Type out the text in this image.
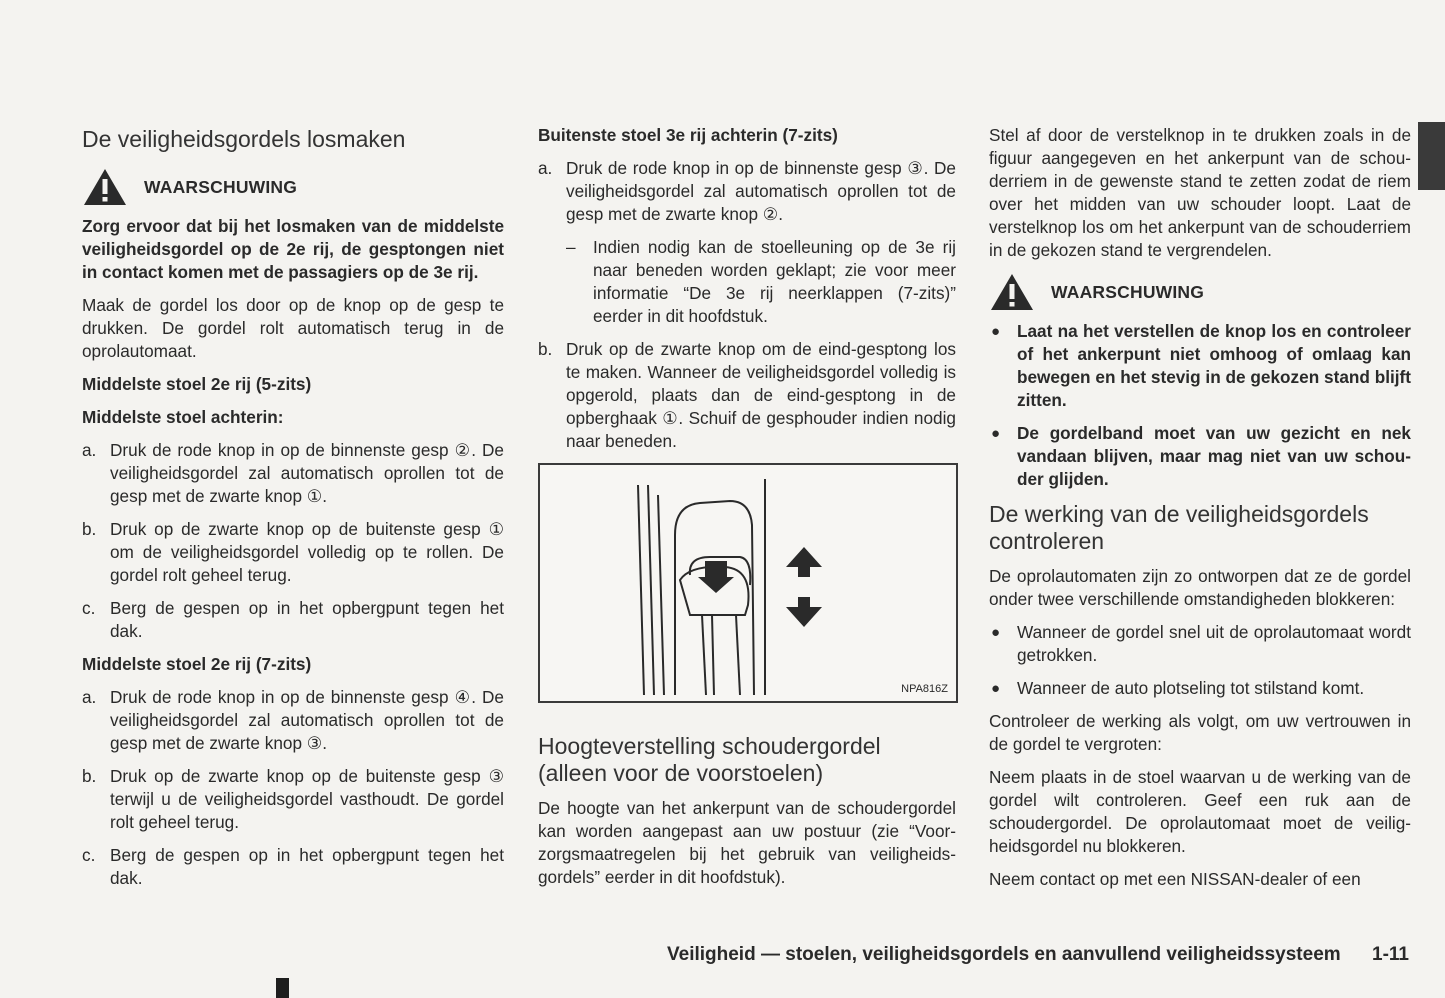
De veiligheidsgordels losmaken
WAARSCHUWING

Zorg ervoor dat bij het losmaken van de middelste veiligheidsgordel op de 2e rij, de gesptongen niet in contact komen met de passagiers op de 3e rij.

Maak de gordel los door op de knop op de gesp te drukken. De gordel rolt automatisch terug in de oprolautomaat.

Middelste stoel 2e rij (5-zits)
Middelste stoel achterin:
a. Druk de rode knop in op de binnenste gesp ②. De veiligheidsgordel zal automatisch oprollen tot de gesp met de zwarte knop ①.
b. Druk op de zwarte knop op de buitenste gesp ① om de veiligheidsgordel volledig op te rollen. De gordel rolt geheel terug.
c. Berg de gespen op in het opbergpunt tegen het dak.
Middelste stoel 2e rij (7-zits)
a. Druk de rode knop in op de binnenste gesp ④. De veiligheidsgordel zal automatisch oprollen tot de gesp met de zwarte knop ③.
b. Druk op de zwarte knop op de buitenste gesp ③ terwijl u de veiligheidsgordel vasthoudt. De gordel rolt geheel terug.
c. Berg de gespen op in het opbergpunt tegen het dak.
Buitenste stoel 3e rij achterin (7-zits)
a. Druk de rode knop in op de binnenste gesp ③. De veiligheidsgordel zal automatisch oprollen tot de gesp met de zwarte knop ②.
–	Indien nodig kan de stoelleuning op de 3e rij naar beneden worden geklapt; zie voor meer informatie “De 3e rij neerklappen (7-zits)” eerder in dit hoofdstuk.
b. Druk op de zwarte knop om de eind-gesptong los te maken. Wanneer de veiligheidsgordel volledig is opgerold, plaats dan de eind-gesptong in de opberghaak ①. Schuif de gesphouder indien nodig naar beneden.
NPA816Z
Hoogteverstelling schoudergordel (alleen voor de voorstoelen)

De hoogte van het ankerpunt van de schoudergordel kan worden aangepast aan uw postuur (zie “Voorzorgsmaatregelen bij het gebruik van veiligheidsgordels” eerder in dit hoofdstuk).

Stel af door de verstelknop in te drukken zoals in de figuur aangegeven en het ankerpunt van de schouderriem in de gewenste stand te zetten zodat de riem over het midden van uw schouder loopt. Laat de verstelknop los om het ankerpunt van de schouderriem in de gekozen stand te vergrendelen.

WAARSCHUWING
● Laat na het verstellen de knop los en controleer of het ankerpunt niet omhoog of omlaag kan bewegen en het stevig in de gekozen stand blijft zitten.
● De gordelband moet van uw gezicht en nek vandaan blijven, maar mag niet van uw schouder glijden.
De werking van de veiligheidsgordels controleren

De oprolautomaten zijn zo ontworpen dat ze de gordel onder twee verschillende omstandigheden blokkeren:

● Wanneer de gordel snel uit de oprolautomaat wordt getrokken.
● Wanneer de auto plotseling tot stilstand komt.

Controleer de werking als volgt, om uw vertrouwen in de gordel te vergroten:

Neem plaats in de stoel waarvan u de werking van de gordel wilt controleren. Geef een ruk aan de schoudergordel. De oprolautomaat moet de veiligheidsgordel nu blokkeren.

Neem contact op met een NISSAN-dealer of een

Veiligheid — stoelen, veiligheidsgordels en aanvullend veiligheidssysteem 1-11
